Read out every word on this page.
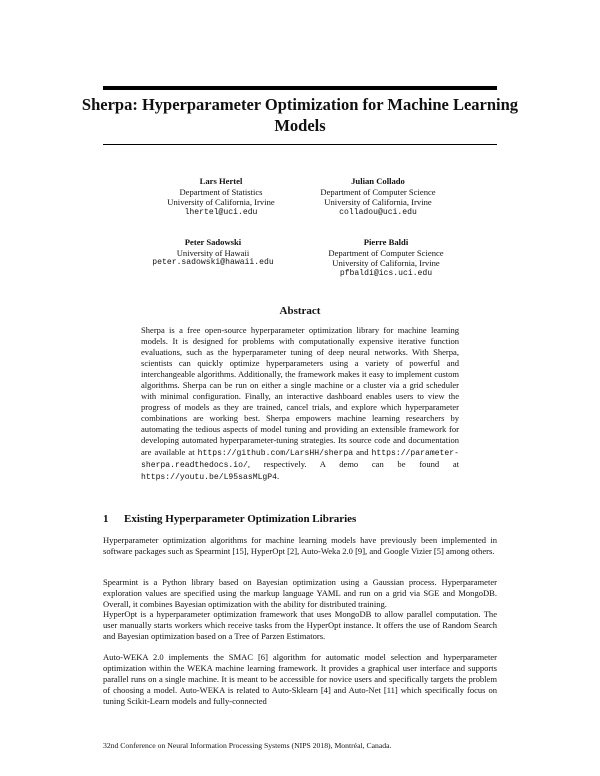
Sherpa: Hyperparameter Optimization for Machine Learning Models
Lars Hertel
Department of Statistics
University of California, Irvine
lhertel@uci.edu
Julian Collado
Department of Computer Science
University of California, Irvine
colladou@uci.edu
Peter Sadowski
University of Hawaii
peter.sadowski@hawaii.edu
Pierre Baldi
Department of Computer Science
University of California, Irvine
pfbaldi@ics.uci.edu
Abstract
Sherpa is a free open-source hyperparameter optimization library for machine learning models. It is designed for problems with computationally expensive iterative function evaluations, such as the hyperparameter tuning of deep neural networks. With Sherpa, scientists can quickly optimize hyperparameters using a variety of powerful and interchangeable algorithms. Additionally, the framework makes it easy to implement custom algorithms. Sherpa can be run on either a single machine or a cluster via a grid scheduler with minimal configuration. Finally, an interactive dashboard enables users to view the progress of models as they are trained, cancel trials, and explore which hyperparameter combinations are working best. Sherpa empowers machine learning researchers by automating the tedious aspects of model tuning and providing an extensible framework for developing automated hyperparameter-tuning strategies. Its source code and documentation are available at https://github.com/LarsHH/sherpa and https://parameter-sherpa.readthedocs.io/, respectively. A demo can be found at https://youtu.be/L95sasMLgP4.
1 Existing Hyperparameter Optimization Libraries

Hyperparameter optimization algorithms for machine learning models have previously been implemented in software packages such as Spearmint [15], HyperOpt [2], Auto-Weka 2.0 [9], and Google Vizier [5] among others.

Spearmint is a Python library based on Bayesian optimization using a Gaussian process. Hyperparameter exploration values are specified using the markup language YAML and run on a grid via SGE and MongoDB. Overall, it combines Bayesian optimization with the ability for distributed training.

HyperOpt is a hyperparameter optimization framework that uses MongoDB to allow parallel computation. The user manually starts workers which receive tasks from the HyperOpt instance. It offers the use of Random Search and Bayesian optimization based on a Tree of Parzen Estimators.

Auto-WEKA 2.0 implements the SMAC [6] algorithm for automatic model selection and hyperparameter optimization within the WEKA machine learning framework. It provides a graphical user interface and supports parallel runs on a single machine. It is meant to be accessible for novice users and specifically targets the problem of choosing a model. Auto-WEKA is related to Auto-Sklearn [4] and Auto-Net [11] which specifically focus on tuning Scikit-Learn models and fully-connected

32nd Conference on Neural Information Processing Systems (NIPS 2018), Montréal, Canada.
